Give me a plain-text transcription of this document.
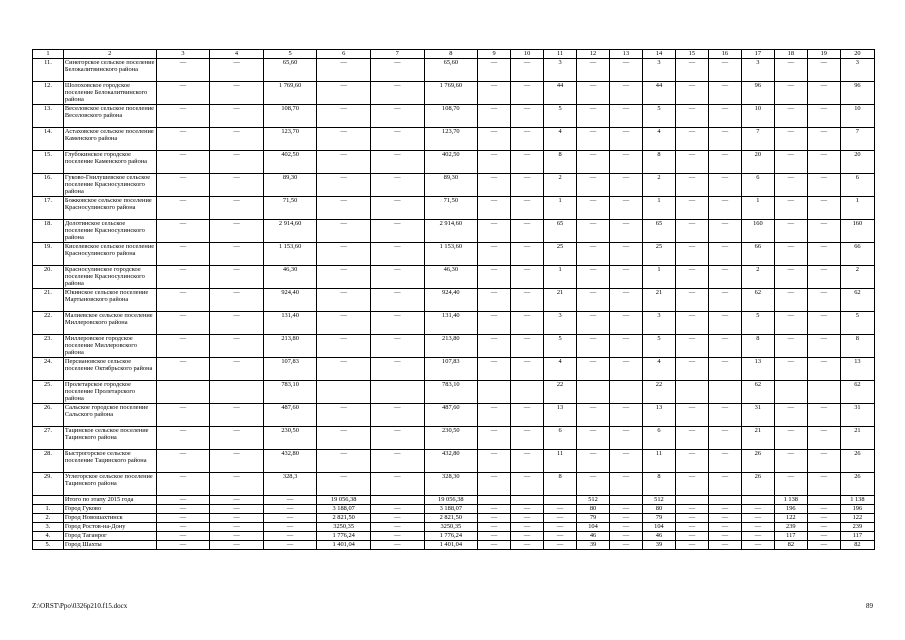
1	2	3	4	5	6	7	8	9	10	11	12	13	14	15	16	17	18	19	20
11.	Синегорское сельское поселение Белокалитвинского района	—	—	65,60	—	—	65,60	—	—	3	—	—	3	—	—	3	—	—	3
12.	Шолоховское городское поселение Белокалитвинского района	—	—	1 769,60	—	—	1 769,60	—	—	44	—	—	44	—	—	96	—	—	96
13.	Веселовское сельское поселение Веселовского района	—	—	108,70	—	—	108,70	—	—	5	—	—	5	—	—	10	—	—	10
14.	Астаховское сельское поселение Каменского района	—	—	123,70	—	—	123,70	—	—	4	—	—	4	—	—	7	—	—	7
15.	Глубокинское городское поселение Каменского района	—	—	402,50	—	—	402,50	—	—	8	—	—	8	—	—	20	—	—	20
16.	Гуково-Гнилушевское сельское поселение Красносулинского района	—	—	89,30	—	—	89,30	—	—	2	—	—	2	—	—	6	—	—	6
17.	Божковское сельское поселение Красносулинского района	—	—	71,50	—	—	71,50	—	—	1	—	—	1	—	—	1	—	—	1
18.	Долотинское сельское поселение Красносулинского района	—	—	2 914,60	—	—	2 914,60	—	—	65	—	—	65	—	—	160	—	—	160
19.	Киселевское сельское поселение Красносулинского района	—	—	1 153,60	—	—	1 153,60	—	—	25	—	—	25	—	—	66	—	—	66
20.	Красносулинское городское поселение Красносулинского района	—	—	46,30	—	—	46,30	—	—	1	—	—	1	—	—	2	—	—	2
21.	Юкинское сельское поселение Мартыновского района	—	—	924,40	—	—	924,40	—	—	21	—	—	21	—	—	62	—	—	62
22.	Малиевское сельское поселение Миллеровского района	—	—	131,40	—	—	131,40	—	—	3	—	—	3	—	—	5	—	—	5
23.	Миллеровское городское поселение Миллеровского района	—	—	213,80	—	—	213,80	—	—	5	—	—	5	—	—	8	—	—	8
24.	Персиановское сельское поселение Октябрьского района	—	—	107,83	—	—	107,83	—	—	4	—	—	4	—	—	13	—	—	13
25.	Пролетарское городское поселение Пролетарского района			783,10			783,10			22			22			62			62
26.	Сальское городское поселение Сальского района	—	—	487,60	—	—	487,60	—	—	13	—	—	13	—	—	31	—	—	31
27.	Тацинское сельское поселение Тацинского района	—	—	230,50	—	—	230,50	—	—	6	—	—	6	—	—	21	—	—	21
28.	Быстрогорское сельское поселение Тацинского района	—	—	432,80	—	—	432,80	—	—	11	—	—	11	—	—	26	—	—	26
29.	Углегорское сельское поселение Тацинского района	—	—	328,3	—	—	328,30	—	—	8	—	—	8	—	—	26	—	—	26
	Итого по этапу 2015 года	—	—	—	19 056,38		19 056,38				512		512				1 138		1 138
1.	Город Гуково	—	—	—	3 188,07	—	3 188,07	—	—	—	80	—	80	—	—	—	196	—	196
2.	Город Новошахтинск	—	—	—	2 821,50	—	2 821,50	—	—	—	79	—	79	—	—	—	122	—	122
3.	Город Ростов-на-Дону	—	—	—	3250,35	—	3250,35	—	—	—	104	—	104	—	—	—	239	—	239
4.	Город Таганрог	—	—	—	1 776,24	—	1 776,24	—	—	—	46	—	46	—	—	—	117	—	117
5.	Город Шахты	—	—	—	1 401,04	—	1 401,04	—	—	—	39	—	39	—	—	—	82	—	82
Z:\ORST\Ppo\0326p210.f15.docx	89
